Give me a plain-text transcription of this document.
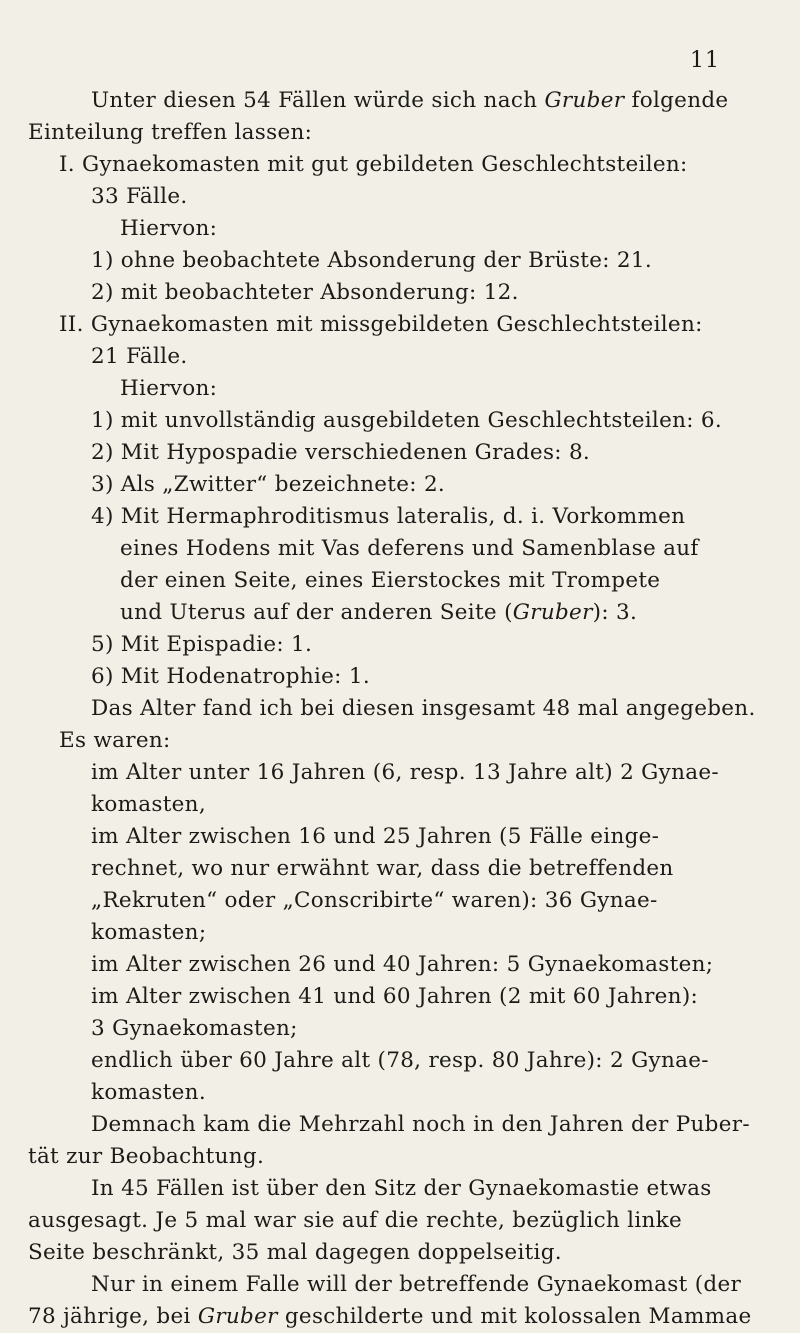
11
Unter diesen 54 Fällen würde sich nach Gruber folgende
Einteilung treffen lassen:
I. Gynaekomasten mit gut gebildeten Geschlechtsteilen:
33 Fälle.
Hiervon:
1) ohne beobachtete Absonderung der Brüste: 21.
2) mit beobachteter Absonderung: 12.
II. Gynaekomasten mit missgebildeten Geschlechtsteilen:
21 Fälle.
Hiervon:
1) mit unvollständig ausgebildeten Geschlechtsteilen: 6.
2) Mit Hypospadie verschiedenen Grades: 8.
3) Als „Zwitter“ bezeichnete: 2.
4) Mit Hermaphroditismus lateralis, d. i. Vorkommen
eines Hodens mit Vas deferens und Samenblase auf
der einen Seite, eines Eierstockes mit Trompete
und Uterus auf der anderen Seite (Gruber): 3.
5) Mit Epispadie: 1.
6) Mit Hodenatrophie: 1.
Das Alter fand ich bei diesen insgesamt 48 mal angegeben.
Es waren:
im Alter unter 16 Jahren (6, resp. 13 Jahre alt) 2 Gynae-
komasten,
im Alter zwischen 16 und 25 Jahren (5 Fälle einge-
rechnet, wo nur erwähnt war, dass die betreffenden
„Rekruten“ oder „Conscribirte“ waren): 36 Gynae-
komasten;
im Alter zwischen 26 und 40 Jahren: 5 Gynaekomasten;
im Alter zwischen 41 und 60 Jahren (2 mit 60 Jahren):
3 Gynaekomasten;
endlich über 60 Jahre alt (78, resp. 80 Jahre): 2 Gynae-
komasten.
Demnach kam die Mehrzahl noch in den Jahren der Puber-
tät zur Beobachtung.
In 45 Fällen ist über den Sitz der Gynaekomastie etwas
ausgesagt. Je 5 mal war sie auf die rechte, bezüglich linke
Seite beschränkt, 35 mal dagegen doppelseitig.
Nur in einem Falle will der betreffende Gynaekomast (der
78 jährige, bei Gruber geschilderte und mit kolossalen Mammae
